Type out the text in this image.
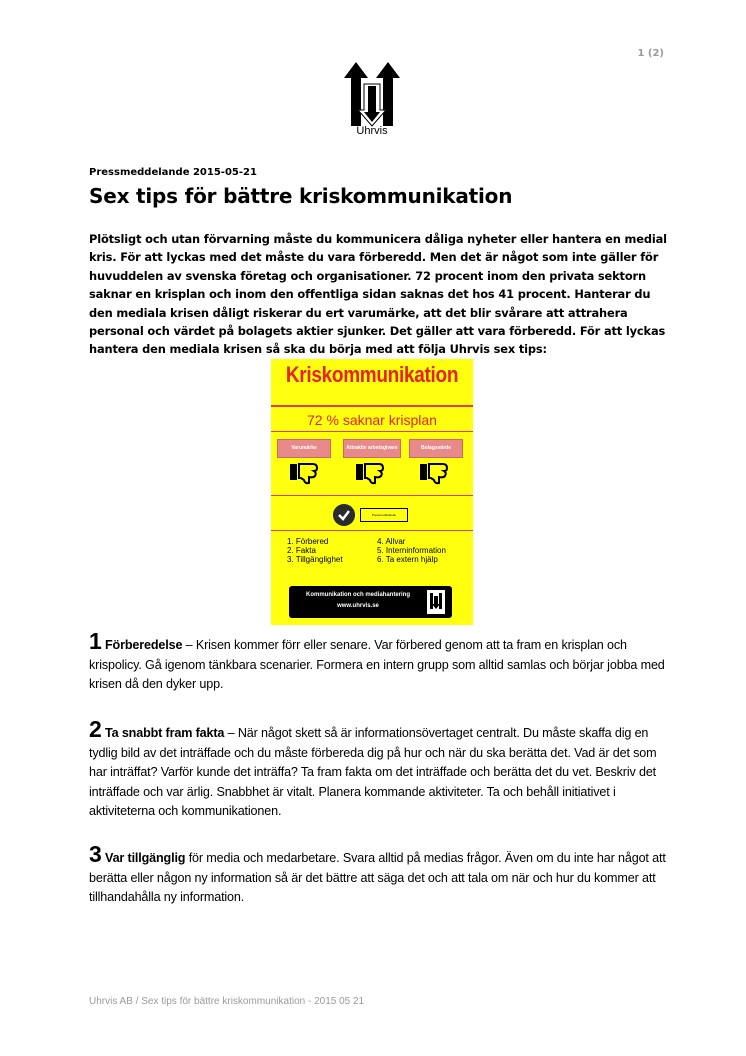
1 (2)
Uhrvis
Pressmeddelande 2015-05-21
Sex tips för bättre kriskommunikation

Plötsligt och utan förvarning måste du kommunicera dåliga nyheter eller hantera en medial kris. För att lyckas med det måste du vara förberedd. Men det är något som inte gäller för huvuddelen av svenska företag och organisationer. 72 procent inom den privata sektorn saknar en krisplan och inom den offentliga sidan saknas det hos 41 procent. Hanterar du den mediala krisen dåligt riskerar du ert varumärke, att det blir svårare att attrahera personal och värdet på bolagets aktier sjunker. Det gäller att vara förberedd. För att lyckas hantera den mediala krisen så ska du börja med att följa Uhrvis sex tips:

Kriskommunikation
72 % saknar krisplan
Varumärke	Attraktiv arbetsgivare	Bolagsvärde
Pressmeddelande
1. Förbered
2. Fakta
3. Tillgänglighet
4. Allvar
5. Interninformation
6. Ta extern hjälp
Kommunikation och mediahantering
www.uhrvis.se

1 Förberedelse – Krisen kommer förr eller senare. Var förbered genom att ta fram en krisplan och krispolicy. Gå igenom tänkbara scenarier. Formera en intern grupp som alltid samlas och börjar jobba med krisen då den dyker upp.

2 Ta snabbt fram fakta – När något skett så är informationsövertaget centralt. Du måste skaffa dig en tydlig bild av det inträffade och du måste förbereda dig på hur och när du ska berätta det. Vad är det som har inträffat? Varför kunde det inträffa? Ta fram fakta om det inträffade och berätta det du vet. Beskriv det inträffade och var ärlig. Snabbhet är vitalt. Planera kommande aktiviteter. Ta och behåll initiativet i aktiviteterna och kommunikationen.

3 Var tillgänglig för media och medarbetare. Svara alltid på medias frågor. Även om du inte har något att berätta eller någon ny information så är det bättre att säga det och att tala om när och hur du kommer att tillhandahålla ny information.

Uhrvis AB / Sex tips för bättre kriskommunikation - 2015 05 21
